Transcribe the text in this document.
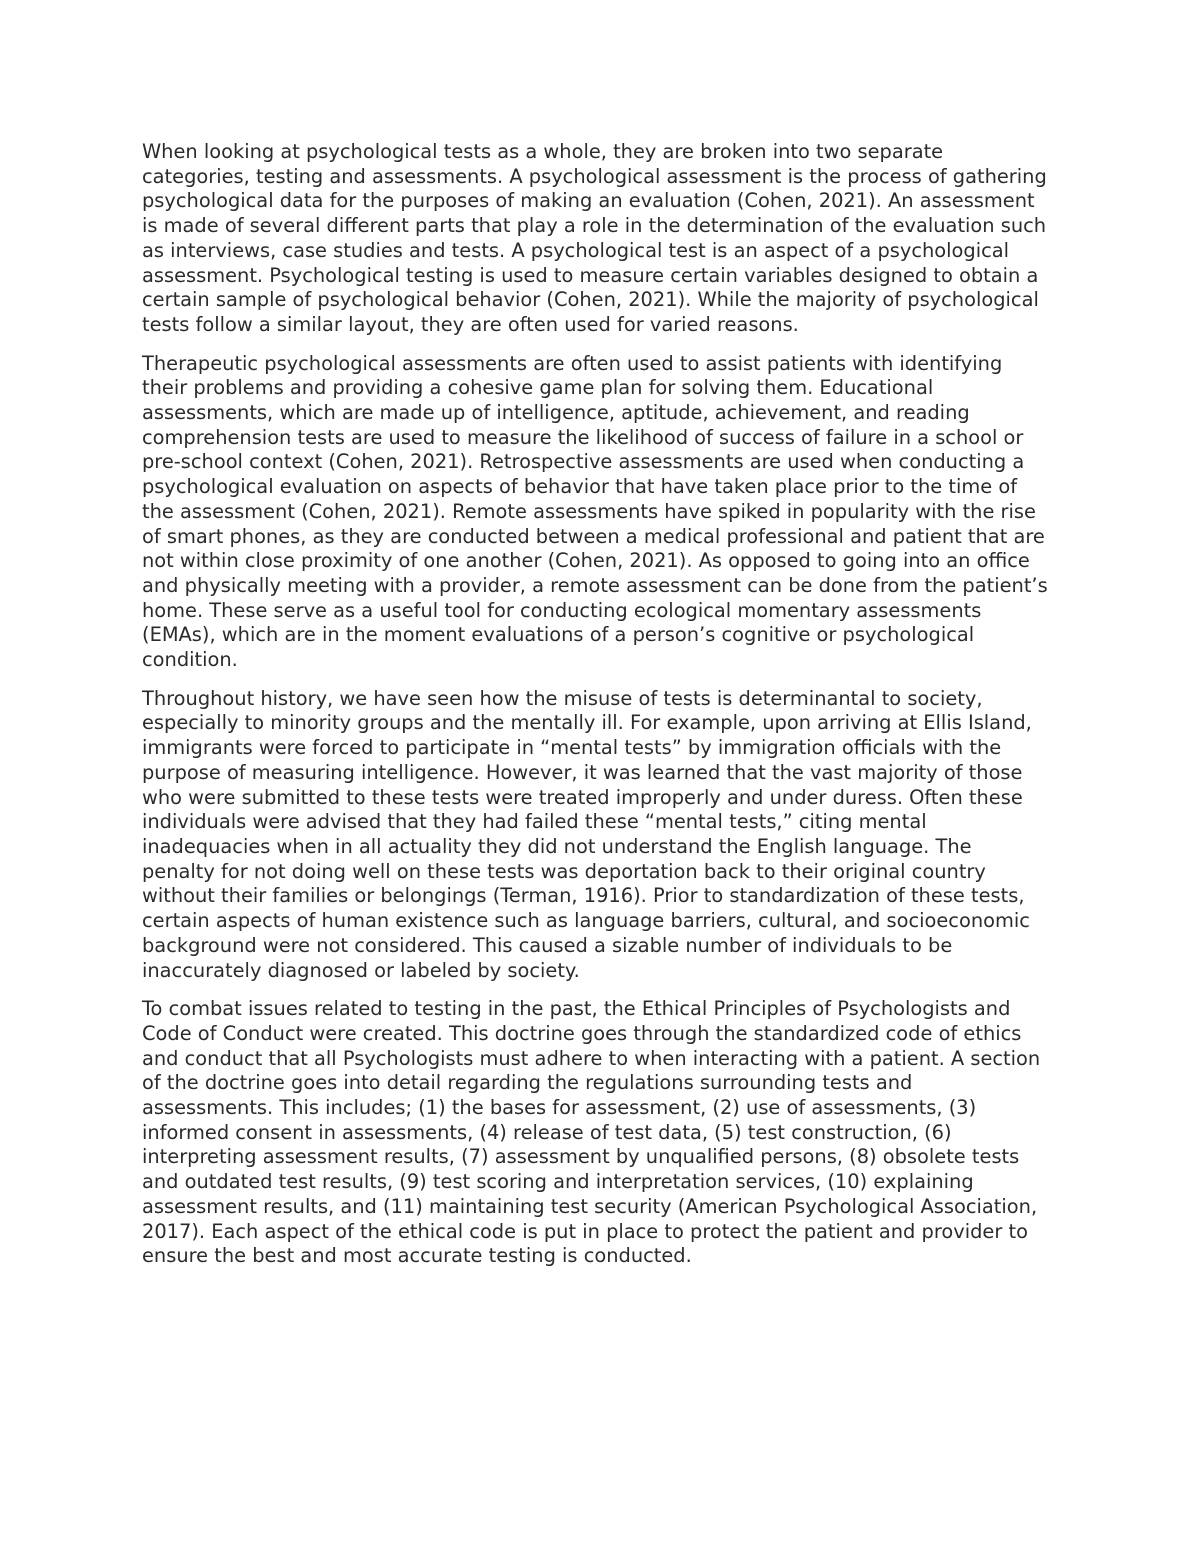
When looking at psychological tests as a whole, they are broken into two separate
categories, testing and assessments. A psychological assessment is the process of gathering
psychological data for the purposes of making an evaluation (Cohen, 2021). An assessment
is made of several different parts that play a role in the determination of the evaluation such
as interviews, case studies and tests. A psychological test is an aspect of a psychological
assessment. Psychological testing is used to measure certain variables designed to obtain a
certain sample of psychological behavior (Cohen, 2021). While the majority of psychological
tests follow a similar layout, they are often used for varied reasons.

Therapeutic psychological assessments are often used to assist patients with identifying
their problems and providing a cohesive game plan for solving them. Educational
assessments, which are made up of intelligence, aptitude, achievement, and reading
comprehension tests are used to measure the likelihood of success of failure in a school or
pre-school context (Cohen, 2021). Retrospective assessments are used when conducting a
psychological evaluation on aspects of behavior that have taken place prior to the time of
the assessment (Cohen, 2021). Remote assessments have spiked in popularity with the rise
of smart phones, as they are conducted between a medical professional and patient that are
not within close proximity of one another (Cohen, 2021). As opposed to going into an office
and physically meeting with a provider, a remote assessment can be done from the patient’s
home. These serve as a useful tool for conducting ecological momentary assessments
(EMAs), which are in the moment evaluations of a person’s cognitive or psychological
condition.

Throughout history, we have seen how the misuse of tests is determinantal to society,
especially to minority groups and the mentally ill. For example, upon arriving at Ellis Island,
immigrants were forced to participate in “mental tests” by immigration officials with the
purpose of measuring intelligence. However, it was learned that the vast majority of those
who were submitted to these tests were treated improperly and under duress. Often these
individuals were advised that they had failed these “mental tests,” citing mental
inadequacies when in all actuality they did not understand the English language. The
penalty for not doing well on these tests was deportation back to their original country
without their families or belongings (Terman, 1916). Prior to standardization of these tests,
certain aspects of human existence such as language barriers, cultural, and socioeconomic
background were not considered. This caused a sizable number of individuals to be
inaccurately diagnosed or labeled by society.

To combat issues related to testing in the past, the Ethical Principles of Psychologists and
Code of Conduct were created. This doctrine goes through the standardized code of ethics
and conduct that all Psychologists must adhere to when interacting with a patient. A section
of the doctrine goes into detail regarding the regulations surrounding tests and
assessments. This includes; (1) the bases for assessment, (2) use of assessments, (3)
informed consent in assessments, (4) release of test data, (5) test construction, (6)
interpreting assessment results, (7) assessment by unqualified persons, (8) obsolete tests
and outdated test results, (9) test scoring and interpretation services, (10) explaining
assessment results, and (11) maintaining test security (American Psychological Association,
2017). Each aspect of the ethical code is put in place to protect the patient and provider to
ensure the best and most accurate testing is conducted.
